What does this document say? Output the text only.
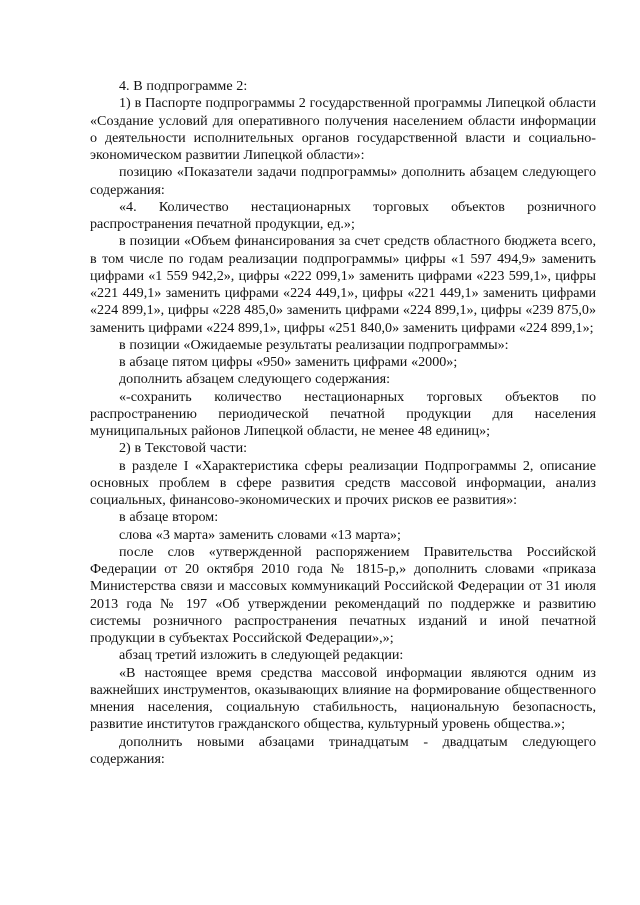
4. В подпрограмме 2:

1) в Паспорте подпрограммы 2 государственной программы Липецкой области «Создание условий для оперативного получения населением области информации о деятельности исполнительных органов государственной власти и социально-экономическом развитии Липецкой области»:

позицию «Показатели задачи подпрограммы» дополнить абзацем следующего содержания:

«4. Количество нестационарных торговых объектов розничного распространения печатной продукции, ед.»;

в позиции «Объем финансирования за счет средств областного бюджета всего, в том числе по годам реализации подпрограммы» цифры «1 597 494,9» заменить цифрами «1 559 942,2», цифры «222 099,1» заменить цифрами «223 599,1», цифры «221 449,1» заменить цифрами «224 449,1», цифры «221 449,1» заменить цифрами «224 899,1», цифры «228 485,0» заменить цифрами «224 899,1», цифры «239 875,0» заменить цифрами «224 899,1», цифры «251 840,0» заменить цифрами «224 899,1»;

в позиции «Ожидаемые результаты реализации подпрограммы»:

в абзаце пятом цифры «950» заменить цифрами «2000»;

дополнить абзацем следующего содержания:

«-сохранить количество нестационарных торговых объектов по распространению периодической печатной продукции для населения муниципальных районов Липецкой области, не менее 48 единиц»;

2) в Текстовой части:

в разделе I «Характеристика сферы реализации Подпрограммы 2, описание основных проблем в сфере развития средств массовой информации, анализ социальных, финансово-экономических и прочих рисков ее развития»:

в абзаце втором:

слова «3 марта» заменить словами «13 марта»;

после слов «утвержденной распоряжением Правительства Российской Федерации от 20 октября 2010 года № 1815-р,» дополнить словами «приказа Министерства связи и массовых коммуникаций Российской Федерации от 31 июля 2013 года № 197 «Об утверждении рекомендаций по поддержке и развитию системы розничного распространения печатных изданий и иной печатной продукции в субъектах Российской Федерации»,»;

абзац третий изложить в следующей редакции:

«В настоящее время средства массовой информации являются одним из важнейших инструментов, оказывающих влияние на формирование общественного мнения населения, социальную стабильность, национальную безопасность, развитие институтов гражданского общества, культурный уровень общества.»;

дополнить новыми абзацами тринадцатым - двадцатым следующего содержания:
